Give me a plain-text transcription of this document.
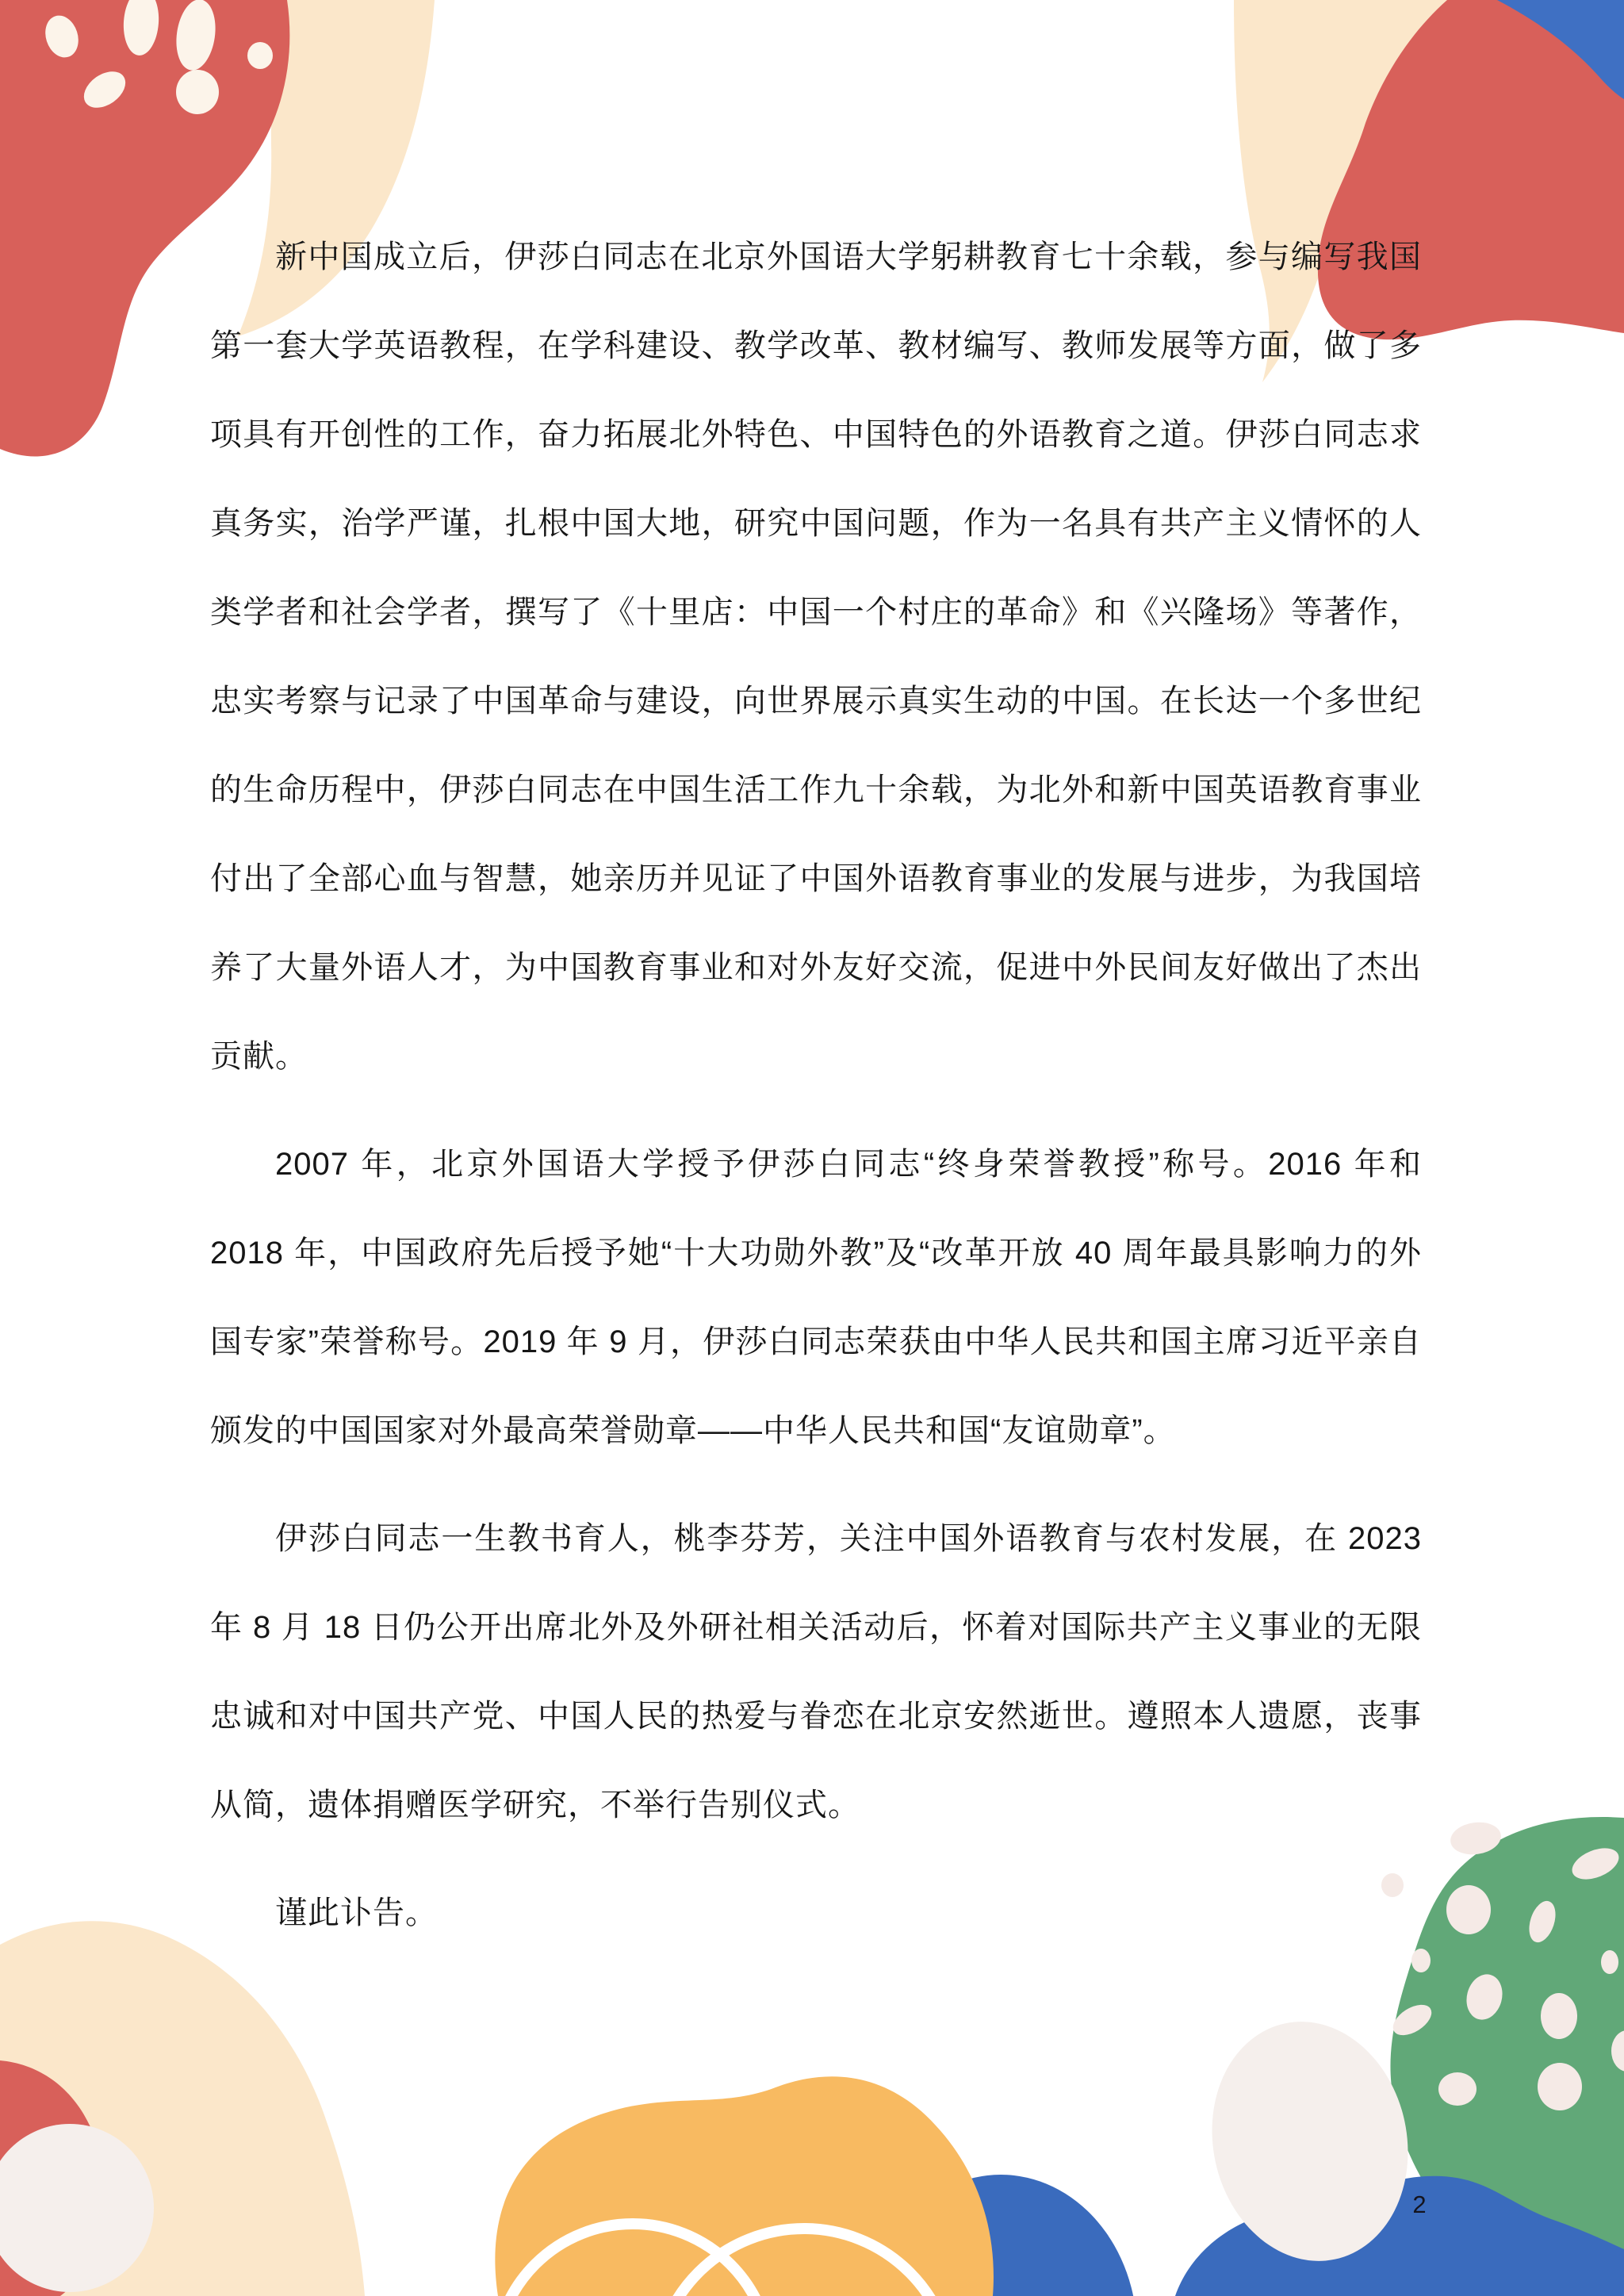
新中国成立后，伊莎白同志在北京外国语大学躬耕教育七十余载，参与编写我国第一套大学英语教程，在学科建设、教学改革、教材编写、教师发展等方面，做了多项具有开创性的工作，奋力拓展北外特色、中国特色的外语教育之道。伊莎白同志求真务实，治学严谨，扎根中国大地，研究中国问题，作为一名具有共产主义情怀的人类学者和社会学者，撰写了《十里店：中国一个村庄的革命》和《兴隆场》等著作，忠实考察与记录了中国革命与建设，向世界展示真实生动的中国。在长达一个多世纪的生命历程中，伊莎白同志在中国生活工作九十余载，为北外和新中国英语教育事业付出了全部心血与智慧，她亲历并见证了中国外语教育事业的发展与进步，为我国培养了大量外语人才，为中国教育事业和对外友好交流，促进中外民间友好做出了杰出贡献。

2007 年，北京外国语大学授予伊莎白同志“终身荣誉教授”称号。2016 年和 2018 年，中国政府先后授予她“十大功勋外教”及“改革开放 40 周年最具影响力的外国专家”荣誉称号。2019 年 9 月，伊莎白同志荣获由中华人民共和国主席习近平亲自颁发的中国国家对外最高荣誉勋章——中华人民共和国“友谊勋章”。

伊莎白同志一生教书育人，桃李芬芳，关注中国外语教育与农村发展，在 2023 年 8 月 18 日仍公开出席北外及外研社相关活动后，怀着对国际共产主义事业的无限忠诚和对中国共产党、中国人民的热爱与眷恋在北京安然逝世。遵照本人遗愿，丧事从简，遗体捐赠医学研究，不举行告别仪式。

谨此讣告。

2
